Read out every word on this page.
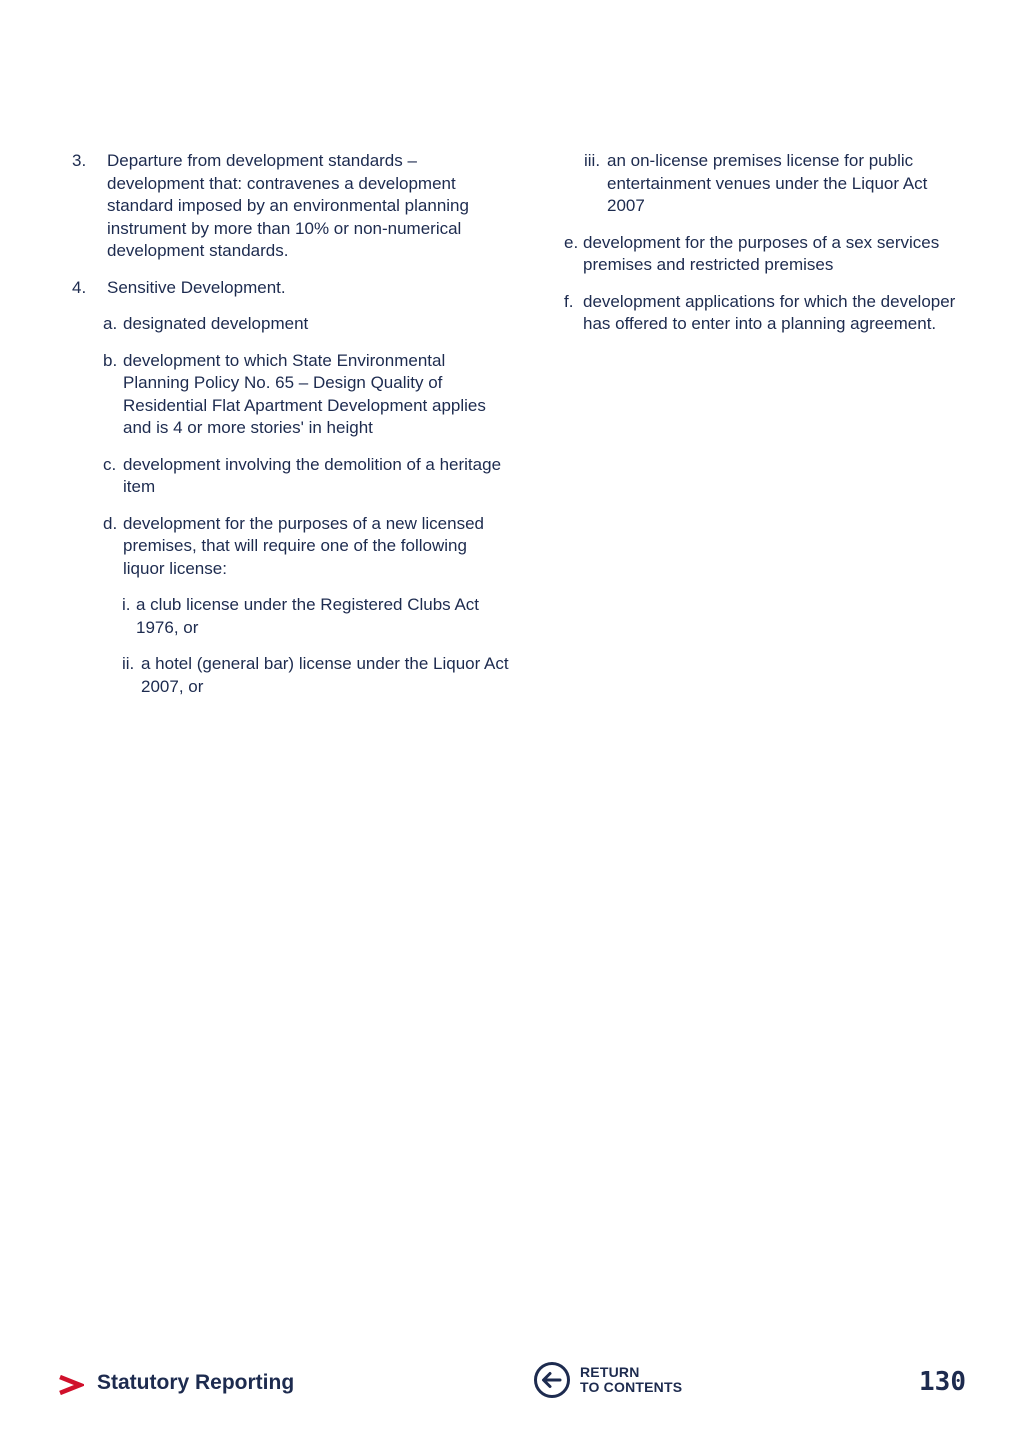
3.	Departure from development standards – development that: contravenes a development standard imposed by an environmental planning instrument by more than 10% or non-numerical development standards.
4.	Sensitive Development.
a. designated development
b. development to which State Environmental Planning Policy No. 65 – Design Quality of Residential Flat Apartment Development applies and is 4 or more stories' in height
c. development involving the demolition of a heritage item
d. development for the purposes of a new licensed premises, that will require one of the following liquor license:
i. a club license under the Registered Clubs Act 1976, or
ii. a hotel (general bar) license under the Liquor Act 2007, or
iii. an on-license premises license for public entertainment venues under the Liquor Act 2007
e. development for the purposes of a sex services premises and restricted premises
f. development applications for which the developer has offered to enter into a planning agreement.
Statutory Reporting	RETURN
TO CONTENTS	130
